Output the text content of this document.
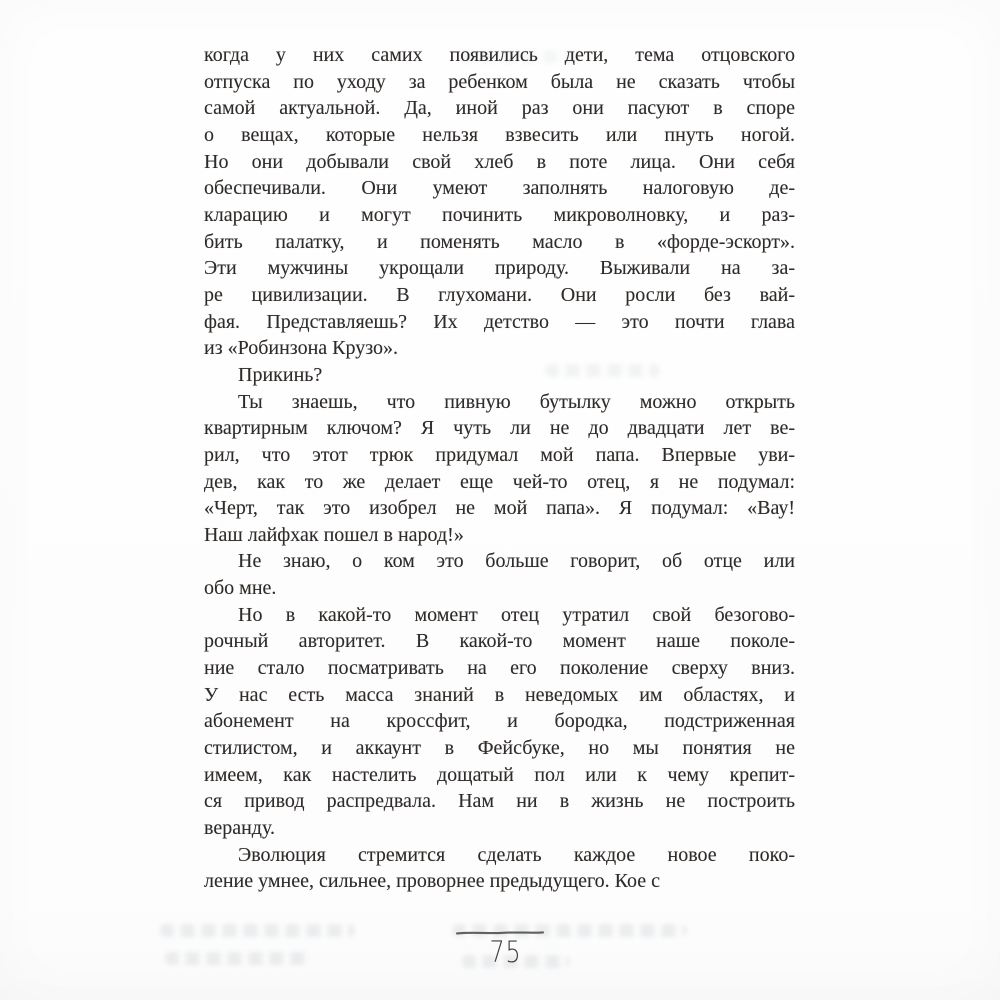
когда у них самих появились дети, тема отцовского
отпуска по уходу за ребенком была не сказать чтобы
самой актуальной. Да, иной раз они пасуют в споре
о вещах, которые нельзя взвесить или пнуть ногой.
Но они добывали свой хлеб в поте лица. Они себя
обеспечивали. Они умеют заполнять налоговую де-
кларацию и могут починить микроволновку, и раз-
бить палатку, и поменять масло в «форде-эскорт».
Эти мужчины укрощали природу. Выживали на за-
ре цивилизации. В глухомани. Они росли без вай-
фая. Представляешь? Их детство — это почти глава
из «Робинзона Крузо».
Прикинь?
Ты знаешь, что пивную бутылку можно открыть
квартирным ключом? Я чуть ли не до двадцати лет ве-
рил, что этот трюк придумал мой папа. Впервые уви-
дев, как то же делает еще чей-то отец, я не подумал:
«Черт, так это изобрел не мой папа». Я подумал: «Вау!
Наш лайфхак пошел в народ!»
Не знаю, о ком это больше говорит, об отце или
обо мне.
Но в какой-то момент отец утратил свой безогово-
рочный авторитет. В какой-то момент наше поколе-
ние стало посматривать на его поколение сверху вниз.
У нас есть масса знаний в неведомых им областях, и
абонемент на кроссфит, и бородка, подстриженная
стилистом, и аккаунт в Фейсбуке, но мы понятия не
имеем, как настелить дощатый пол или к чему крепит-
ся привод распредвала. Нам ни в жизнь не построить
веранду.
Эволюция стремится сделать каждое новое поко-
ление умнее, сильнее, проворнее предыдущего. Кое с
75
